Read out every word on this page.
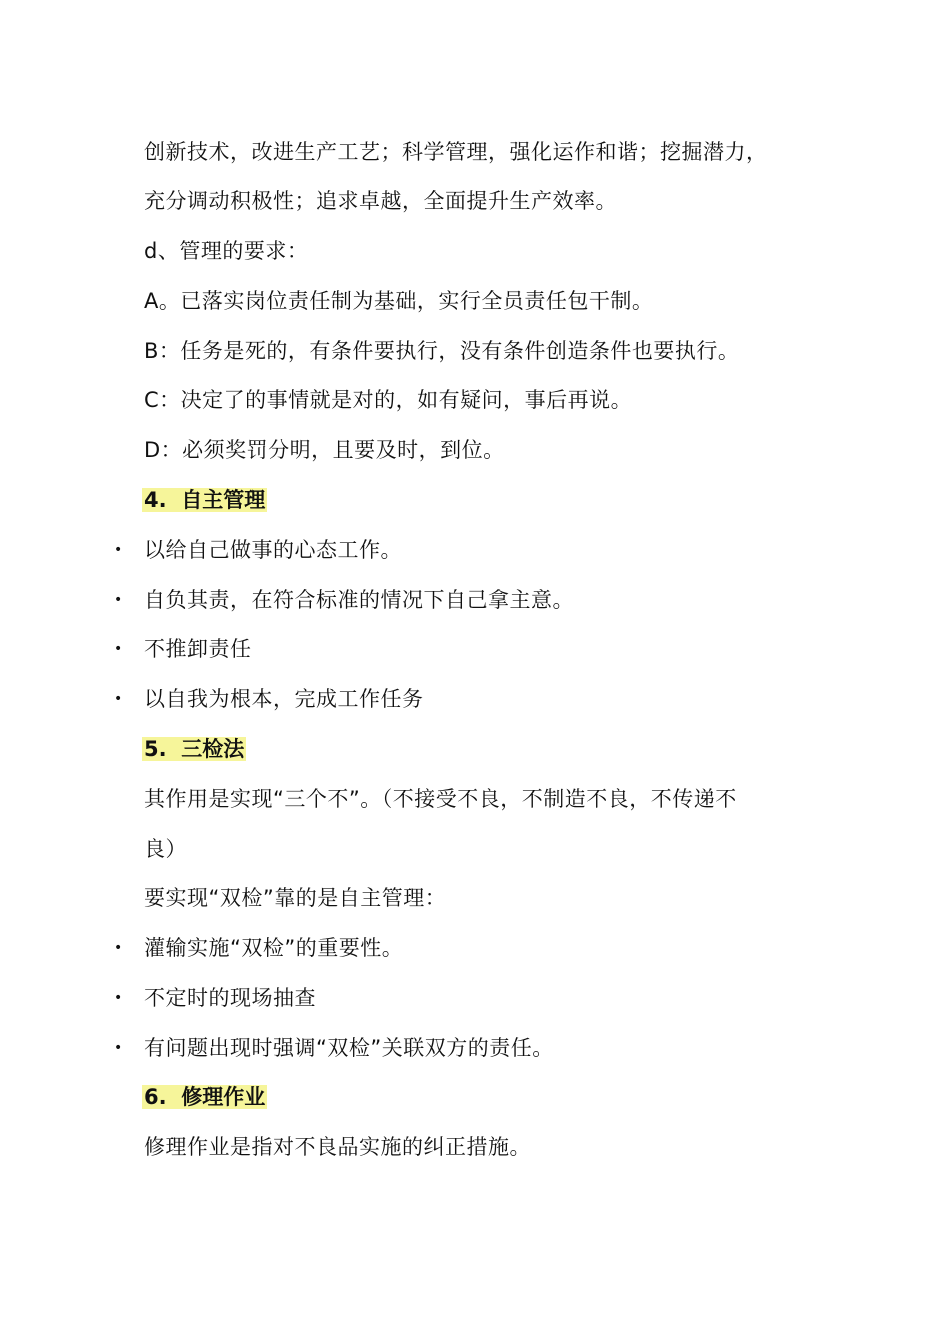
创新技术，改进生产工艺；科学管理，强化运作和谐；挖掘潜力，
充分调动积极性；追求卓越，全面提升生产效率。
d、管理的要求：
A。已落实岗位责任制为基础，实行全员责任包干制。
B：任务是死的，有条件要执行，没有条件创造条件也要执行。
C：决定了的事情就是对的，如有疑问，事后再说。
D：必须奖罚分明，且要及时，到位。
4. 自主管理
• 以给自己做事的心态工作。
• 自负其责，在符合标准的情况下自己拿主意。
• 不推卸责任
• 以自我为根本，完成工作任务
5. 三检法
其作用是实现“三个不”。（不接受不良，不制造不良，不传递不
良）
要实现“双检”靠的是自主管理：
• 灌输实施“双检”的重要性。
• 不定时的现场抽查
• 有问题出现时强调“双检”关联双方的责任。
6. 修理作业
修理作业是指对不良品实施的纠正措施。
